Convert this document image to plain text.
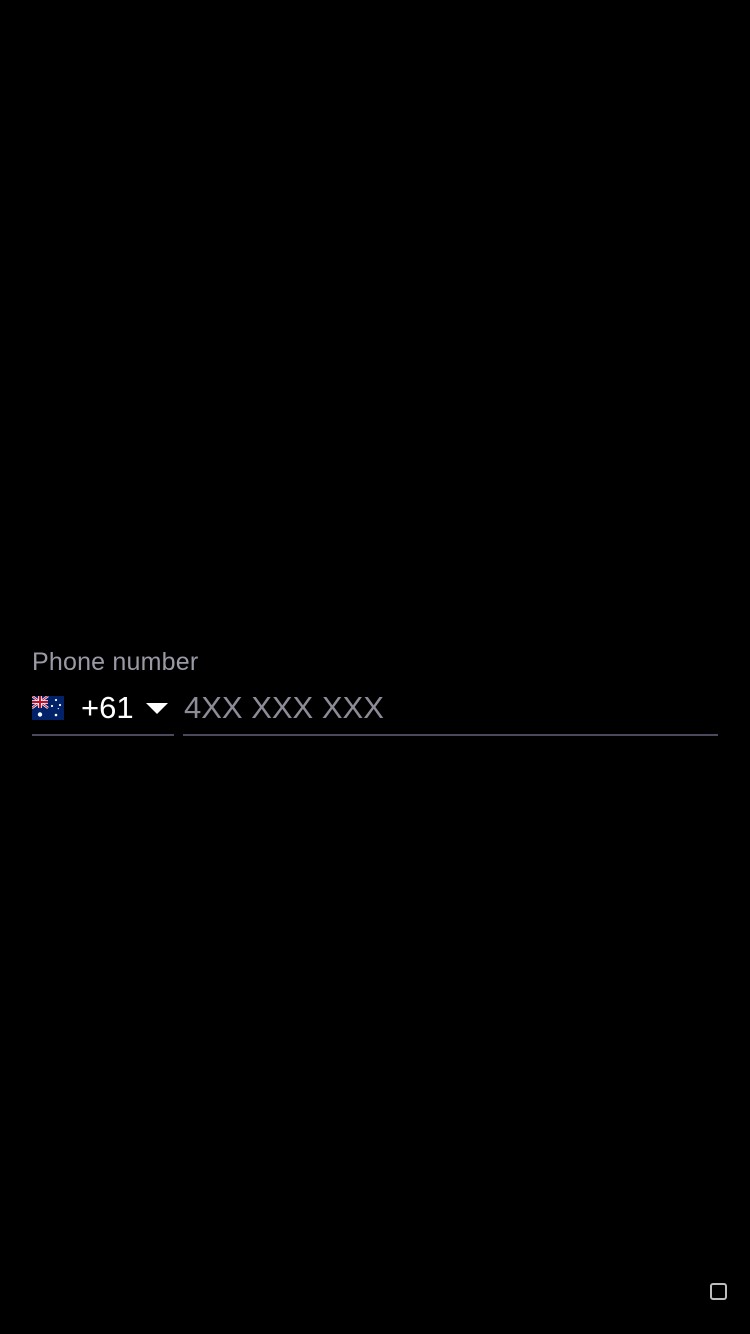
Phone number
+61
4XX XXX XXX
